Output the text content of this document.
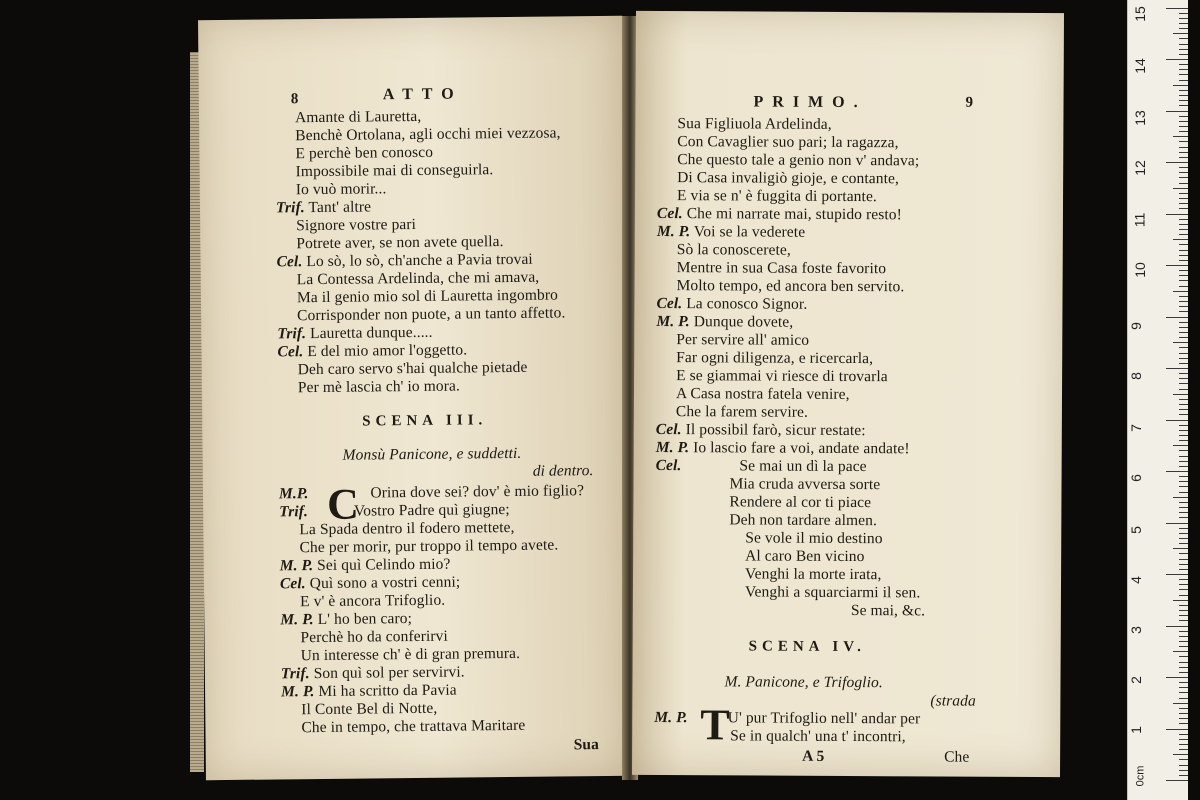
8	ATTO
Amante di Lauretta,
Benchè Ortolana, agli occhi miei vezzosa,
E perchè ben conosco
Impossibile mai di conseguirla.
Io vuò morir...
Trif. Tant' altre
Signore vostre pari
Potrete aver, se non avete quella.
Cel. Lo sò, lo sò, ch'anche a Pavia trovai
La Contessa Ardelinda, che mi amava,
Ma il genio mio sol di Lauretta ingombro
Corrisponder non puote, a un tanto affetto.
Trif. Lauretta dunque.....
Cel. E del mio amor l'oggetto.
Deh caro servo s'hai qualche pietade
Per mè lascia ch' io mora.
SCENA III.
Monsù Panicone, e suddetti.
di dentro.
C
M.P.	Orina dove sei? dov' è mio figlio?
Trif.	Vostro Padre quì giugne;
La Spada dentro il fodero mettete,
Che per morir, pur troppo il tempo avete.
M. P. Sei quì Celindo mio?
Cel. Quì sono a vostri cenni;
E v' è ancora Trifoglio.
M. P. L' ho ben caro;
Perchè ho da conferirvi
Un interesse ch' è di gran premura.
Trif. Son quì sol per servirvi.
M. P. Mi ha scritto da Pavia
Il Conte Bel di Notte,
Che in tempo, che trattava Maritare
Sua
PRIMO.	9
Sua Figliuola Ardelinda,
Con Cavaglier suo pari; la ragazza,
Che questo tale a genio non v' andava;
Di Casa invaligiò gioje, e contante,
E via se n' è fuggita di portante.
Cel. Che mi narrate mai, stupido resto!
M. P. Voi se la vederete
Sò la conoscerete,
Mentre in sua Casa foste favorito
Molto tempo, ed ancora ben servito.
Cel. La conosco Signor.
M. P. Dunque dovete,
Per servire all' amico
Far ogni diligenza, e ricercarla,
E se giammai vi riesce di trovarla
A Casa nostra fatela venire,
Che la farem servire.
Cel. Il possibil farò, sicur restate:
M. P. Io lascio fare a voi, andate andate!
Cel.	Se mai un dì la pace
Mia cruda avversa sorte
Rendere al cor ti piace
Deh non tardare almen.
Se vole il mio destino
Al caro Ben vicino
Venghi la morte irata,
Venghi a squarciarmi il sen.
Se mai, &c.
SCENA IV.
M. Panicone, e Trifoglio.
(strada
T
M. P.	U' pur Trifoglio nell' andar per
Se in qualch' una t' incontri,
A 5	Che
0cm
1
2
3
4
5
6
7
8
9
10
11
12
13
14
15
